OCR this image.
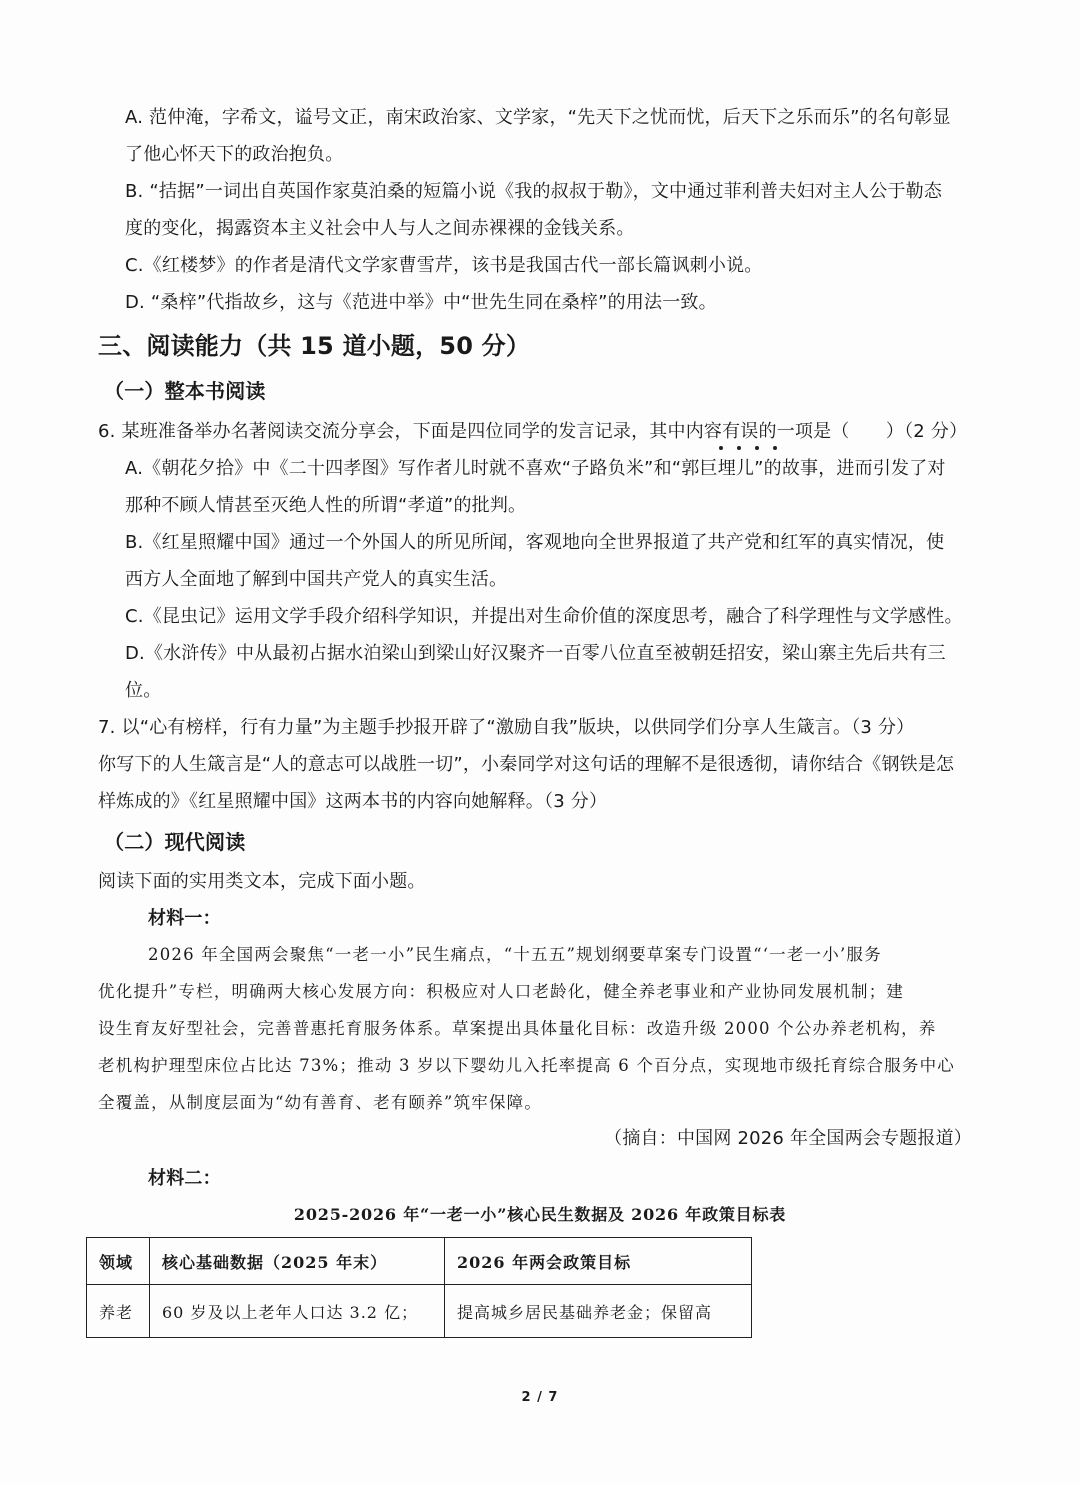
A. 范仲淹，字希文，谥号文正，南宋政治家、文学家，“先天下之忧而忧，后天下之乐而乐”的名句彰显
了他心怀天下的政治抱负。
B. “拮据”一词出自英国作家莫泊桑的短篇小说《我的叔叔于勒》，文中通过菲利普夫妇对主人公于勒态
度的变化，揭露资本主义社会中人与人之间赤裸裸的金钱关系。
C.《红楼梦》的作者是清代文学家曹雪芹，该书是我国古代一部长篇讽刺小说。
D. “桑梓”代指故乡，这与《范进中举》中“世先生同在桑梓”的用法一致。
三、阅读能力（共 15 道小题，50 分）
（一）整本书阅读
6. 某班准备举办名著阅读交流分享会，下面是四位同学的发言记录，其中内容有误的一项是（　　）（2 分）
A.《朝花夕拾》中《二十四孝图》写作者儿时就不喜欢“子路负米”和“郭巨埋儿”的故事，进而引发了对
那种不顾人情甚至灭绝人性的所谓“孝道”的批判。
B.《红星照耀中国》通过一个外国人的所见所闻，客观地向全世界报道了共产党和红军的真实情况，使
西方人全面地了解到中国共产党人的真实生活。
C.《昆虫记》运用文学手段介绍科学知识，并提出对生命价值的深度思考，融合了科学理性与文学感性。
D.《水浒传》中从最初占据水泊梁山到梁山好汉聚齐一百零八位直至被朝廷招安，梁山寨主先后共有三
位。
7. 以“心有榜样，行有力量”为主题手抄报开辟了“激励自我”版块，以供同学们分享人生箴言。（3 分）
你写下的人生箴言是“人的意志可以战胜一切”，小秦同学对这句话的理解不是很透彻，请你结合《钢铁是怎
样炼成的》《红星照耀中国》这两本书的内容向她解释。（3 分）
（二）现代阅读
阅读下面的实用类文本，完成下面小题。
材料一：
2026 年全国两会聚焦“一老一小”民生痛点，“十五五”规划纲要草案专门设置“‘一老一小’服务
优化提升”专栏，明确两大核心发展方向：积极应对人口老龄化，健全养老事业和产业协同发展机制；建
设生育友好型社会，完善普惠托育服务体系。草案提出具体量化目标：改造升级 2000 个公办养老机构，养
老机构护理型床位占比达 73%；推动 3 岁以下婴幼儿入托率提高 6 个百分点，实现地市级托育综合服务中心
全覆盖，从制度层面为“幼有善育、老有颐养”筑牢保障。
（摘自：中国网 2026 年全国两会专题报道）
材料二：
2025-2026 年“一老一小”核心民生数据及 2026 年政策目标表
领域	核心基础数据（2025 年末）	2026 年两会政策目标
养老	60 岁及以上老年人口达 3.2 亿；	提高城乡居民基础养老金；保留高
2 / 7
